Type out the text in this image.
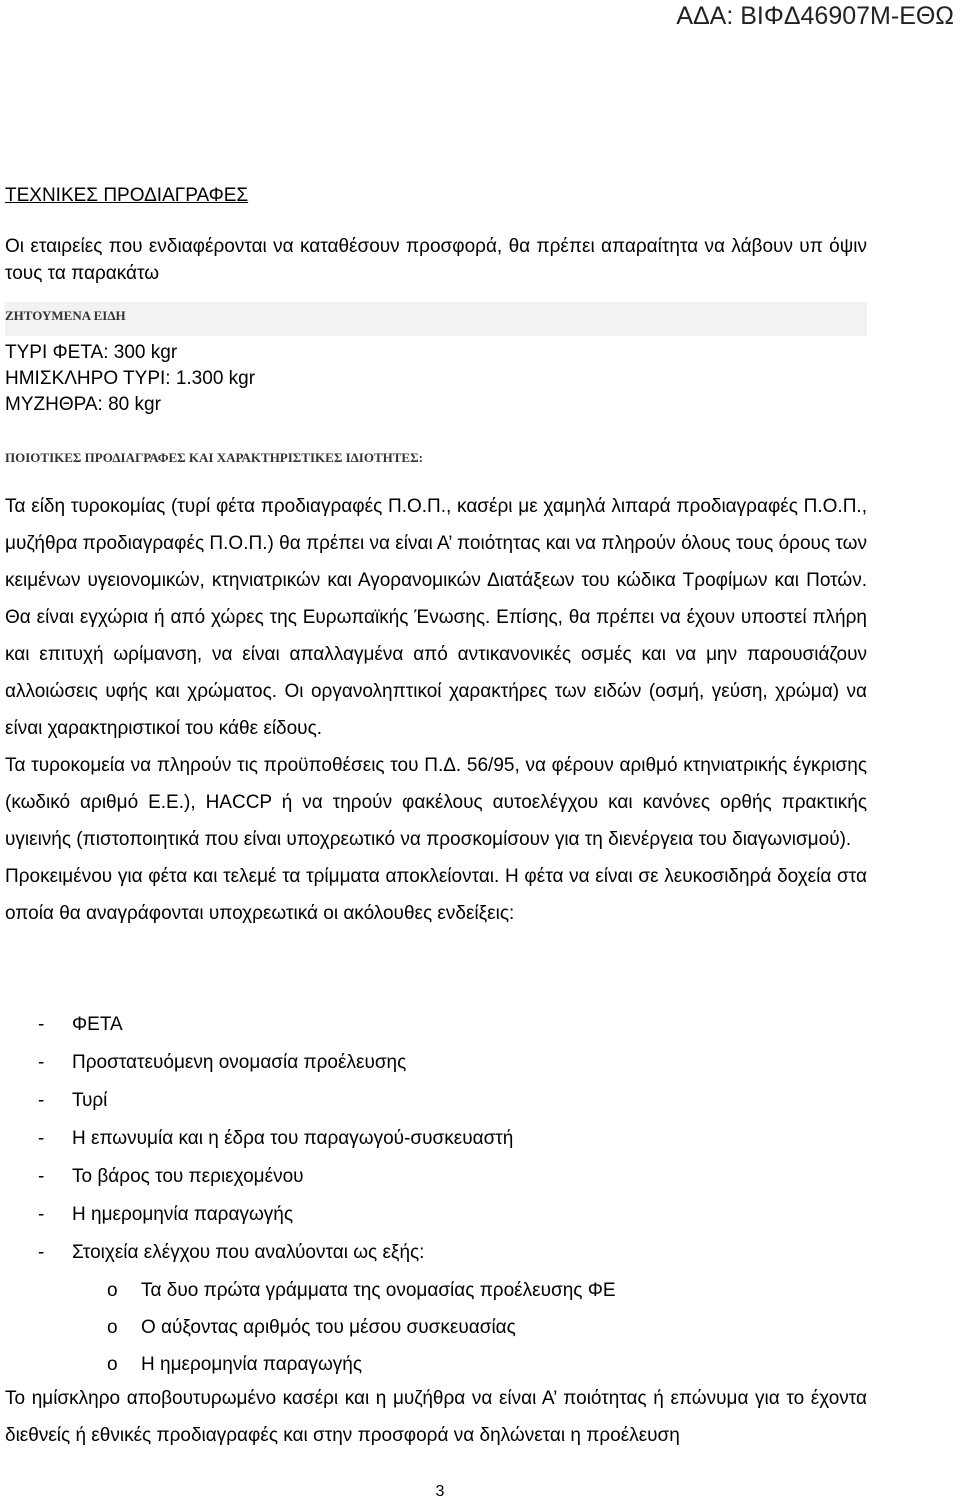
ΑΔΑ: ΒΙΦΔ46907Μ-ΕΘΩ
ΤΕΧΝΙΚΕΣ ΠΡΟΔΙΑΓΡΑΦΕΣ
Οι εταιρείες που ενδιαφέρονται να καταθέσουν προσφορά, θα πρέπει απαραίτητα να λάβουν υπ όψιν τους τα παρακάτω
ΖΗΤΟΥΜΕΝΑ ΕΙΔΗ
ΤΥΡΙ ΦΕΤΑ: 300 kgr
ΗΜΙΣΚΛΗΡΟ ΤΥΡΙ: 1.300 kgr
ΜΥΖΗΘΡΑ: 80 kgr
ΠΟΙΟΤΙΚΕΣ ΠΡΟΔΙΑΓΡΑΦΕΣ ΚΑΙ ΧΑΡΑΚΤΗΡΙΣΤΙΚΕΣ ΙΔΙΟΤΗΤΕΣ:

Τα είδη τυροκομίας (τυρί φέτα προδιαγραφές Π.Ο.Π., κασέρι με χαμηλά λιπαρά προδιαγραφές Π.Ο.Π., μυζήθρα προδιαγραφές Π.Ο.Π.) θα πρέπει να είναι Α’ ποιότητας και να πληρούν όλους τους όρους των κειμένων υγειονομικών, κτηνιατρικών και Αγορανομικών Διατάξεων του κώδικα Τροφίμων και Ποτών. Θα είναι εγχώρια ή από χώρες της Ευρωπαϊκής Ένωσης. Επίσης, θα πρέπει να έχουν υποστεί πλήρη και επιτυχή ωρίμανση, να είναι απαλλαγμένα από αντικανονικές οσμές και να μην παρουσιάζουν αλλοιώσεις υφής και χρώματος. Οι οργανοληπτικοί χαρακτήρες των ειδών (οσμή, γεύση, χρώμα) να είναι χαρακτηριστικοί του κάθε είδους.

Τα τυροκομεία να πληρούν τις προϋποθέσεις του Π.Δ. 56/95, να φέρουν αριθμό κτηνιατρικής έγκρισης (κωδικό αριθμό Ε.Ε.), HACCP ή να τηρούν φακέλους αυτοελέγχου και κανόνες ορθής πρακτικής υγιεινής (πιστοποιητικά που είναι υποχρεωτικό να προσκομίσουν για τη διενέργεια του διαγωνισμού).

Προκειμένου για φέτα και τελεμέ τα τρίμματα αποκλείονται. Η φέτα να είναι σε λευκοσιδηρά δοχεία στα οποία θα αναγράφονται υποχρεωτικά οι ακόλουθες ενδείξεις:

- ΦΕΤΑ
- Προστατευόμενη ονομασία προέλευσης
- Τυρί
- Η επωνυμία και η έδρα του παραγωγού-συσκευαστή
- Το βάρος του περιεχομένου
- Η ημερομηνία παραγωγής
- Στοιχεία ελέγχου που αναλύονται ως εξής:
o Τα δυο πρώτα γράμματα της ονομασίας προέλευσης ΦΕ
o Ο αύξοντας αριθμός του μέσου συσκευασίας
o Η ημερομηνία παραγωγής
Το ημίσκληρο αποβουτυρωμένο κασέρι και η μυζήθρα να είναι Α’ ποιότητας ή επώνυμα για το έχοντα διεθνείς ή εθνικές προδιαγραφές και στην προσφορά να δηλώνεται η προέλευση
3
